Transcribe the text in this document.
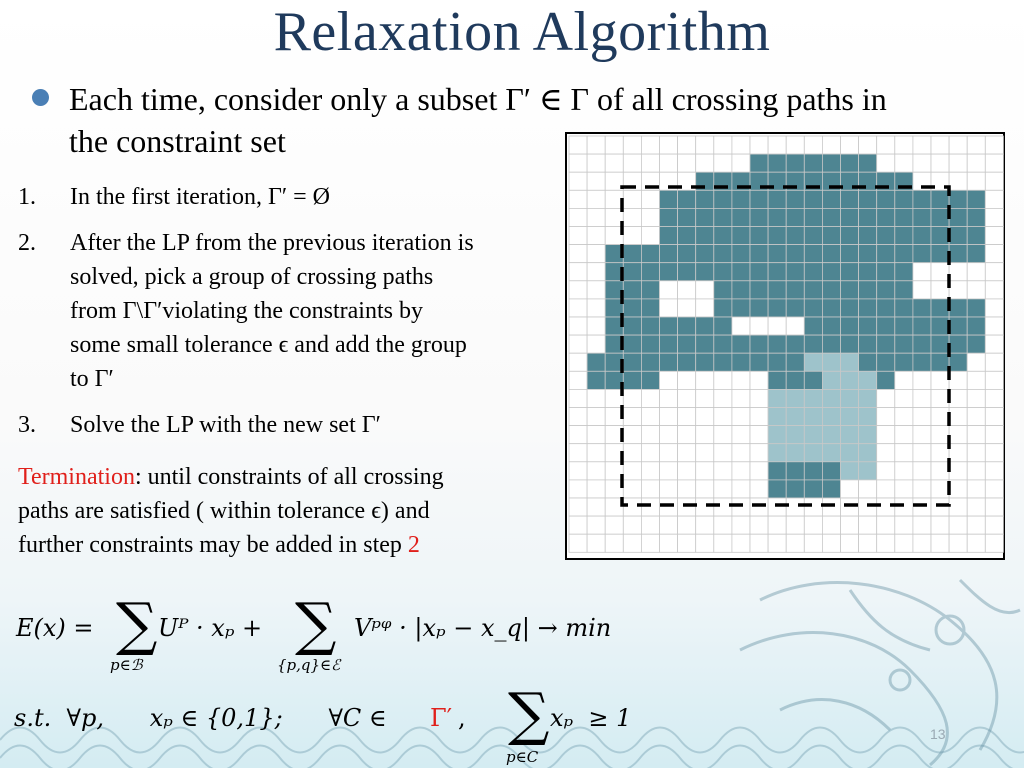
Relaxation Algorithm
Each time, consider only a subset Γ′ ∈ Γ of all crossing paths in
the constraint set
1. In the first iteration, Γ′ = Ø
2. After the LP from the previous iteration is
solved, pick a group of crossing paths
from Γ\Γ′violating the constraints by
some small tolerance ϵ and add the group
to Γ′
3. Solve the LP with the new set Γ′
Termination: until constraints of all crossing
paths are satisfied ( within tolerance ϵ) and
further constraints may be added in step 2
E(x) = ∑
p∈ℬ
Uᴾ · xₚ + ∑
{p,q}∈ℰ
Vᵖᵠ · |xₚ − x_q| → min
s.t.  ∀p,      xₚ ∈ {0,1};      ∀C ∈ Γ′ , ∑
p∈C
xₚ  ≥ 1
13
